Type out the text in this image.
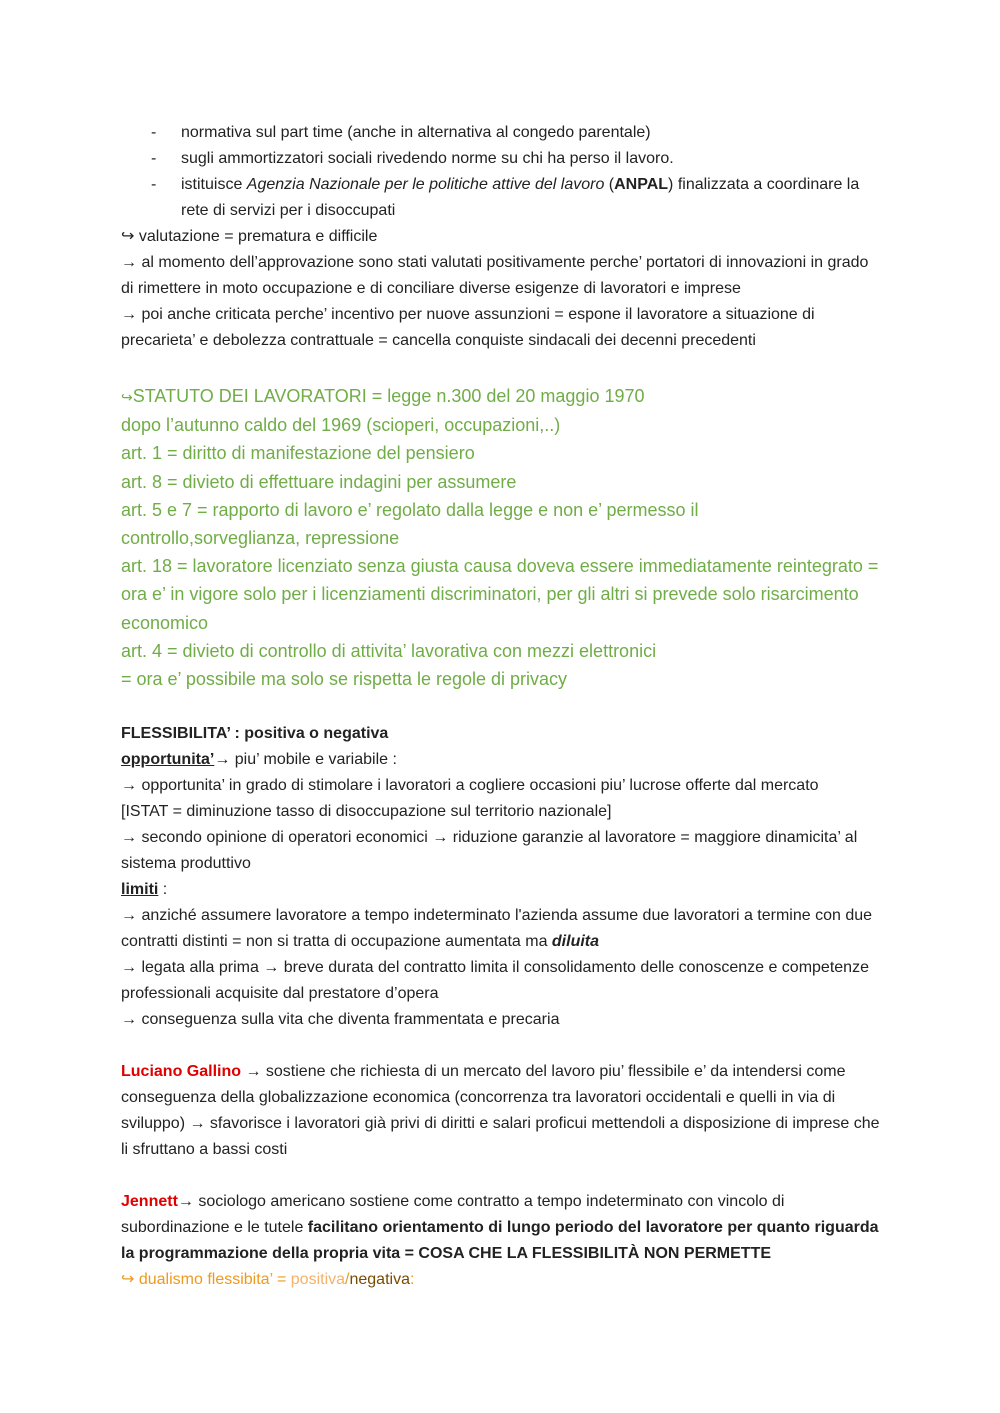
- normativa sul part time (anche in alternativa al congedo parentale)
- sugli ammortizzatori sociali rivedendo norme su chi ha perso il lavoro.
- istituisce Agenzia Nazionale per le politiche attive del lavoro (ANPAL) finalizzata a coordinare la rete di servizi per i disoccupati

↪ valutazione = prematura e difficile

→ al momento dell’approvazione sono stati valutati positivamente perche’ portatori di innovazioni in grado di rimettere in moto occupazione e di conciliare diverse esigenze di lavoratori e imprese

→ poi anche criticata perche’ incentivo per nuove assunzioni = espone il lavoratore a situazione di precarieta’ e debolezza contrattuale = cancella conquiste sindacali dei decenni precedenti

↪STATUTO DEI LAVORATORI = legge n.300 del 20 maggio 1970

dopo l’autunno caldo del 1969 (scioperi, occupazioni,..)

art. 1 = diritto di manifestazione del pensiero

art. 8 = divieto di effettuare indagini per assumere

art. 5 e 7 = rapporto di lavoro e’ regolato dalla legge e non e’ permesso il controllo,sorveglianza, repressione

art. 18 = lavoratore licenziato senza giusta causa doveva essere immediatamente reintegrato = ora e’ in vigore solo per i licenziamenti discriminatori, per gli altri si prevede solo risarcimento economico

art. 4 = divieto di controllo di attivita’ lavorativa con mezzi elettronici

= ora e’ possibile ma solo se rispetta le regole di privacy

FLESSIBILITA’ : positiva o negativa

opportunita’→ piu’ mobile e variabile :

→ opportunita’ in grado di stimolare i lavoratori a cogliere occasioni piu’ lucrose offerte dal mercato

[ISTAT = diminuzione tasso di disoccupazione sul territorio nazionale]

→ secondo opinione di operatori economici → riduzione garanzie al lavoratore = maggiore dinamicita’ al sistema produttivo

limiti :

→ anziché assumere lavoratore a tempo indeterminato l'azienda assume due lavoratori a termine con due contratti distinti = non si tratta di occupazione aumentata ma diluita

→ legata alla prima → breve durata del contratto limita il consolidamento delle conoscenze e competenze professionali acquisite dal prestatore d’opera

→ conseguenza sulla vita che diventa frammentata e precaria

Luciano Gallino → sostiene che richiesta di un mercato del lavoro piu’ flessibile e’ da intendersi come conseguenza della globalizzazione economica (concorrenza tra lavoratori occidentali e quelli in via di sviluppo) → sfavorisce i lavoratori già privi di diritti e salari proficui mettendoli a disposizione di imprese che li sfruttano a bassi costi

Jennett→ sociologo americano sostiene come contratto a tempo indeterminato con vincolo di subordinazione e le tutele facilitano orientamento di lungo periodo del lavoratore per quanto riguarda la programmazione della propria vita = COSA CHE LA FLESSIBILITÀ NON PERMETTE

↪ dualismo flessibita’ = positiva/negativa:
